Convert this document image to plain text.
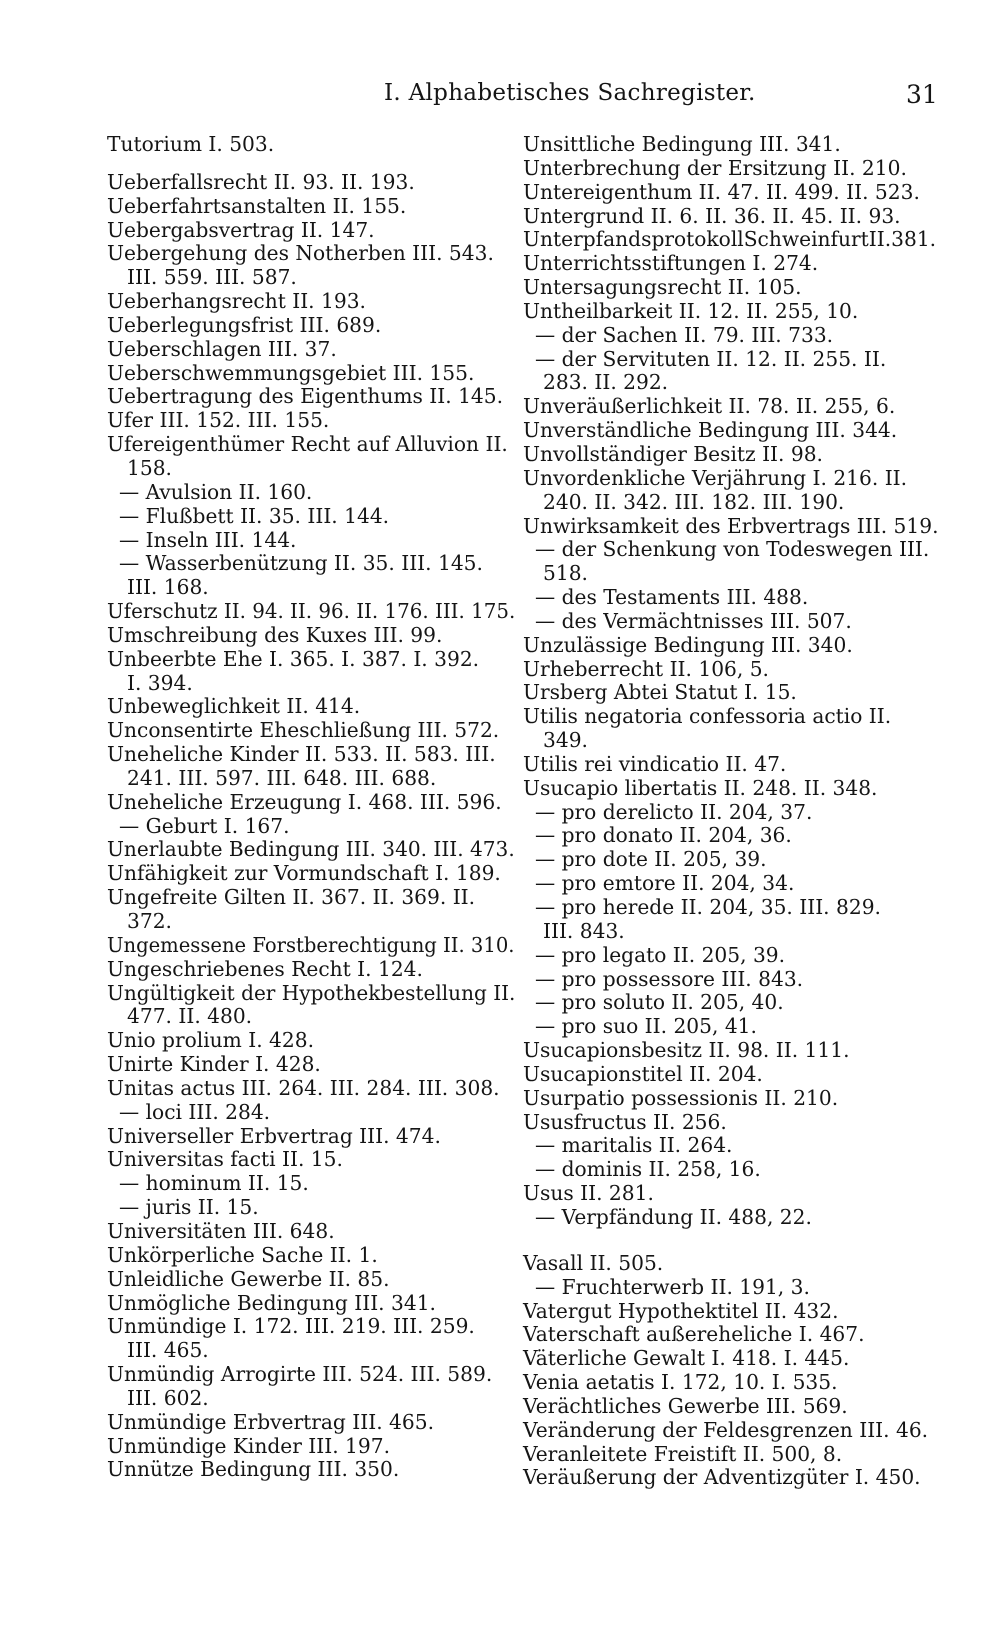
I. Alphabetisches Sachregister.	31
Tutorium I. 503.
Ueberfallsrecht II. 93. II. 193.
Ueberfahrtsanstalten II. 155.
Uebergabsvertrag II. 147.
Uebergehung des Notherben III. 543.
III. 559. III. 587.
Ueberhangsrecht II. 193.
Ueberlegungsfrist III. 689.
Ueberschlagen III. 37.
Ueberschwemmungsgebiet III. 155.
Uebertragung des Eigenthums II. 145.
Ufer III. 152. III. 155.
Ufereigenthümer Recht auf Alluvion II.
158.
— Avulsion II. 160.
— Flußbett II. 35. III. 144.
— Inseln III. 144.
— Wasserbenützung II. 35. III. 145.
III. 168.
Uferschutz II. 94. II. 96. II. 176. III. 175.
Umschreibung des Kuxes III. 99.
Unbeerbte Ehe I. 365. I. 387. I. 392.
I. 394.
Unbeweglichkeit II. 414.
Unconsentirte Eheschließung III. 572.
Uneheliche Kinder II. 533. II. 583. III.
241. III. 597. III. 648. III. 688.
Uneheliche Erzeugung I. 468. III. 596.
— Geburt I. 167.
Unerlaubte Bedingung III. 340. III. 473.
Unfähigkeit zur Vormundschaft I. 189.
Ungefreite Gilten II. 367. II. 369. II.
372.
Ungemessene Forstberechtigung II. 310.
Ungeschriebenes Recht I. 124.
Ungültigkeit der Hypothekbestellung II.
477. II. 480.
Unio prolium I. 428.
Unirte Kinder I. 428.
Unitas actus III. 264. III. 284. III. 308.
— loci III. 284.
Universeller Erbvertrag III. 474.
Universitas facti II. 15.
— hominum II. 15.
— juris II. 15.
Universitäten III. 648.
Unkörperliche Sache II. 1.
Unleidliche Gewerbe II. 85.
Unmögliche Bedingung III. 341.
Unmündige I. 172. III. 219. III. 259.
III. 465.
Unmündig Arrogirte III. 524. III. 589.
III. 602.
Unmündige Erbvertrag III. 465.
Unmündige Kinder III. 197.
Unnütze Bedingung III. 350.
Unsittliche Bedingung III. 341.
Unterbrechung der Ersitzung II. 210.
Untereigenthum II. 47. II. 499. II. 523.
Untergrund II. 6. II. 36. II. 45. II. 93.
UnterpfandsprotokollSchweinfurtII.381.
Unterrichtsstiftungen I. 274.
Untersagungsrecht II. 105.
Untheilbarkeit II. 12. II. 255, 10.
— der Sachen II. 79. III. 733.
— der Servituten II. 12. II. 255. II.
283. II. 292.
Unveräußerlichkeit II. 78. II. 255, 6.
Unverständliche Bedingung III. 344.
Unvollständiger Besitz II. 98.
Unvordenkliche Verjährung I. 216. II.
240. II. 342. III. 182. III. 190.
Unwirksamkeit des Erbvertrags III. 519.
— der Schenkung von Todeswegen III.
518.
— des Testaments III. 488.
— des Vermächtnisses III. 507.
Unzulässige Bedingung III. 340.
Urheberrecht II. 106, 5.
Ursberg Abtei Statut I. 15.
Utilis negatoria confessoria actio II.
349.
Utilis rei vindicatio II. 47.
Usucapio libertatis II. 248. II. 348.
— pro derelicto II. 204, 37.
— pro donato II. 204, 36.
— pro dote II. 205, 39.
— pro emtore II. 204, 34.
— pro herede II. 204, 35. III. 829.
III. 843.
— pro legato II. 205, 39.
— pro possessore III. 843.
— pro soluto II. 205, 40.
— pro suo II. 205, 41.
Usucapionsbesitz II. 98. II. 111.
Usucapionstitel II. 204.
Usurpatio possessionis II. 210.
Ususfructus II. 256.
— maritalis II. 264.
— dominis II. 258, 16.
Usus II. 281.
— Verpfändung II. 488, 22.
Vasall II. 505.
— Fruchterwerb II. 191, 3.
Vatergut Hypothektitel II. 432.
Vaterschaft außereheliche I. 467.
Väterliche Gewalt I. 418. I. 445.
Venia aetatis I. 172, 10. I. 535.
Verächtliches Gewerbe III. 569.
Veränderung der Feldesgrenzen III. 46.
Veranleitete Freistift II. 500, 8.
Veräußerung der Adventizgüter I. 450.
